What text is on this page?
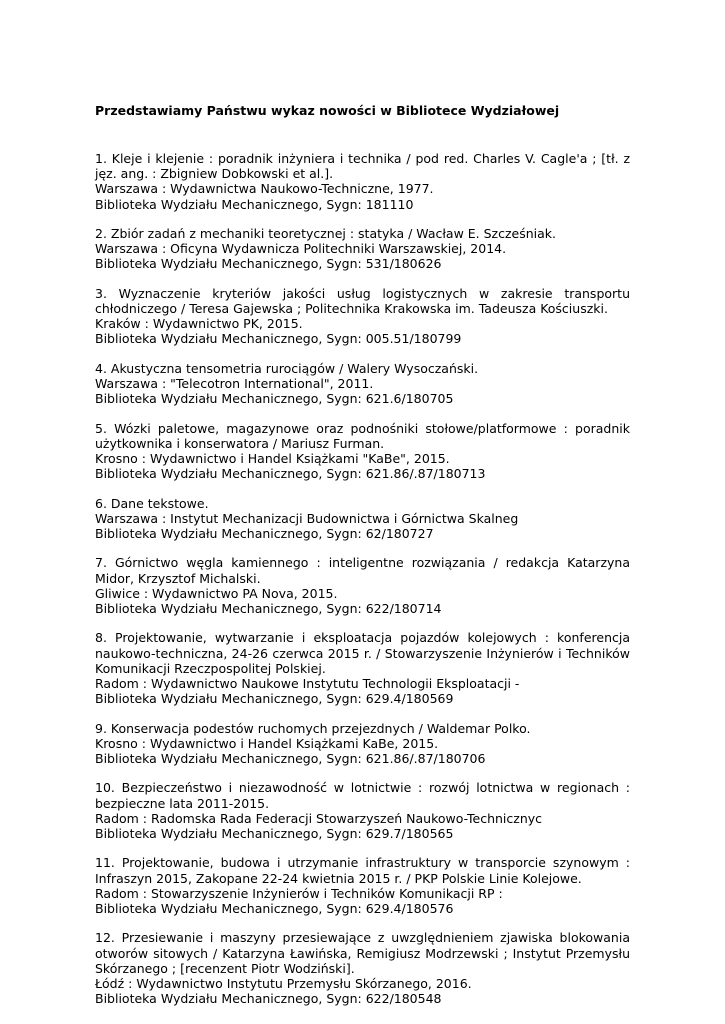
Przedstawiamy Państwu wykaz nowości w Bibliotece Wydziałowej
1. Kleje i klejenie : poradnik inżyniera i technika / pod red. Charles V. Cagle'a ; [tł. z jęz. ang. : Zbigniew Dobkowski et al.].
Warszawa : Wydawnictwa Naukowo-Techniczne, 1977.
Biblioteka Wydziału Mechanicznego, Sygn: 181110
2. Zbiór zadań z mechaniki teoretycznej : statyka / Wacław E. Szcześniak.
Warszawa : Oficyna Wydawnicza Politechniki Warszawskiej, 2014.
Biblioteka Wydziału Mechanicznego, Sygn: 531/180626
3. Wyznaczenie kryteriów jakości usług logistycznych w zakresie transportu chłodniczego / Teresa Gajewska ; Politechnika Krakowska im. Tadeusza Kościuszki.
Kraków : Wydawnictwo PK, 2015.
Biblioteka Wydziału Mechanicznego, Sygn: 005.51/180799
4. Akustyczna tensometria rurociągów / Walery Wysoczański.
Warszawa : "Telecotron International", 2011.
Biblioteka Wydziału Mechanicznego, Sygn: 621.6/180705
5. Wózki paletowe, magazynowe oraz podnośniki stołowe/platformowe : poradnik użytkownika i konserwatora / Mariusz Furman.
Krosno : Wydawnictwo i Handel Książkami "KaBe", 2015.
Biblioteka Wydziału Mechanicznego, Sygn: 621.86/.87/180713
6. Dane tekstowe.
Warszawa : Instytut Mechanizacji Budownictwa i Górnictwa Skalneg
Biblioteka Wydziału Mechanicznego, Sygn: 62/180727
7. Górnictwo węgla kamiennego : inteligentne rozwiązania / redakcja Katarzyna Midor, Krzysztof Michalski.
Gliwice : Wydawnictwo PA Nova, 2015.
Biblioteka Wydziału Mechanicznego, Sygn: 622/180714
8. Projektowanie, wytwarzanie i eksploatacja pojazdów kolejowych : konferencja naukowo-techniczna, 24-26 czerwca 2015 r. / Stowarzyszenie Inżynierów i Techników Komunikacji Rzeczpospolitej Polskiej.
Radom : Wydawnictwo Naukowe Instytutu Technologii Eksploatacji -
Biblioteka Wydziału Mechanicznego, Sygn: 629.4/180569
9. Konserwacja podestów ruchomych przejezdnych / Waldemar Polko.
Krosno : Wydawnictwo i Handel Książkami KaBe, 2015.
Biblioteka Wydziału Mechanicznego, Sygn: 621.86/.87/180706
10. Bezpieczeństwo i niezawodność w lotnictwie : rozwój lotnictwa w regionach : bezpieczne lata 2011-2015.
Radom : Radomska Rada Federacji Stowarzyszeń Naukowo-Technicznyc
Biblioteka Wydziału Mechanicznego, Sygn: 629.7/180565
11. Projektowanie, budowa i utrzymanie infrastruktury w transporcie szynowym : Infraszyn 2015, Zakopane 22-24 kwietnia 2015 r. / PKP Polskie Linie Kolejowe.
Radom : Stowarzyszenie Inżynierów i Techników Komunikacji RP :
Biblioteka Wydziału Mechanicznego, Sygn: 629.4/180576
12. Przesiewanie i maszyny przesiewające z uwzględnieniem zjawiska blokowania otworów sitowych / Katarzyna Ławińska, Remigiusz Modrzewski ; Instytut Przemysłu Skórzanego ; [recenzent Piotr Wodziński].
Łódź : Wydawnictwo Instytutu Przemysłu Skórzanego, 2016.
Biblioteka Wydziału Mechanicznego, Sygn: 622/180548
